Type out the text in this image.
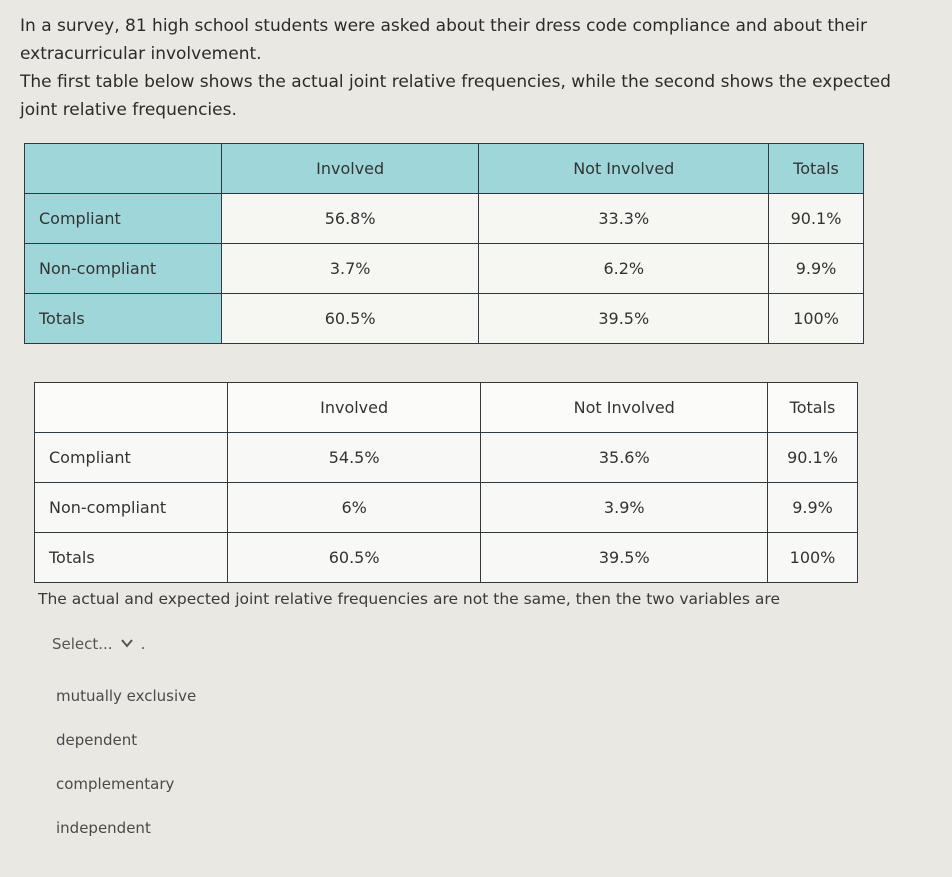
In a survey, 81 high school students were asked about their dress code compliance and about their

extracurricular involvement.

The first table below shows the actual joint relative frequencies, while the second shows the expected

joint relative frequencies.

	Involved	Not Involved	Totals
Compliant	56.8%	33.3%	90.1%
Non-compliant	3.7%	6.2%	9.9%
Totals	60.5%	39.5%	100%
	Involved	Not Involved	Totals
Compliant	54.5%	35.6%	90.1%
Non-compliant	6%	3.9%	9.9%
Totals	60.5%	39.5%	100%
The actual and expected joint relative frequencies are not the same, then the two variables are
Select... .
mutually exclusive
dependent
complementary
independent
